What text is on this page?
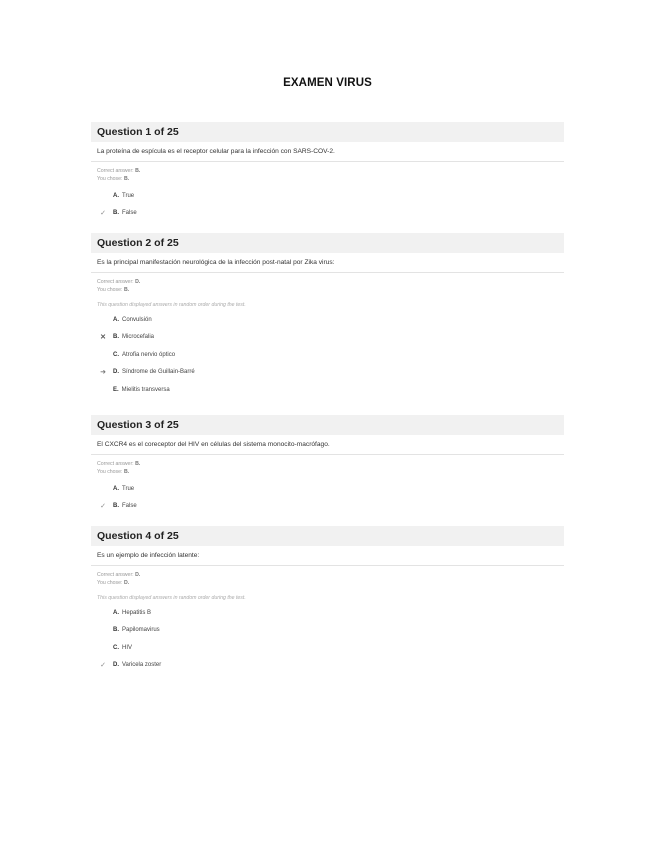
EXAMEN VIRUS
Question 1 of 25
La proteína de espícula es el receptor celular para la infección con SARS-COV-2.
Correct answer: B.
You chose: B.
A. True
✓	B. False
Question 2 of 25
Es la principal manifestación neurológica de la infección post-natal por Zika virus:
Correct answer: D.
You chose: B.
This question displayed answers in random order during the test.
A. Convulsión
✕	B. Microcefalia
C. Atrofia nervio óptico
➜	D. Síndrome de Guillain-Barré
E. Mielitis transversa
Question 3 of 25
El CXCR4 es el coreceptor del HIV en células del sistema monocito-macrófago.
Correct answer: B.
You chose: B.
A. True
✓	B. False
Question 4 of 25
Es un ejemplo de infección latente:
Correct answer: D.
You chose: D.
This question displayed answers in random order during the test.
A. Hepatitis B
B. Papilomavirus
C. HIV
✓	D. Varicela zoster
